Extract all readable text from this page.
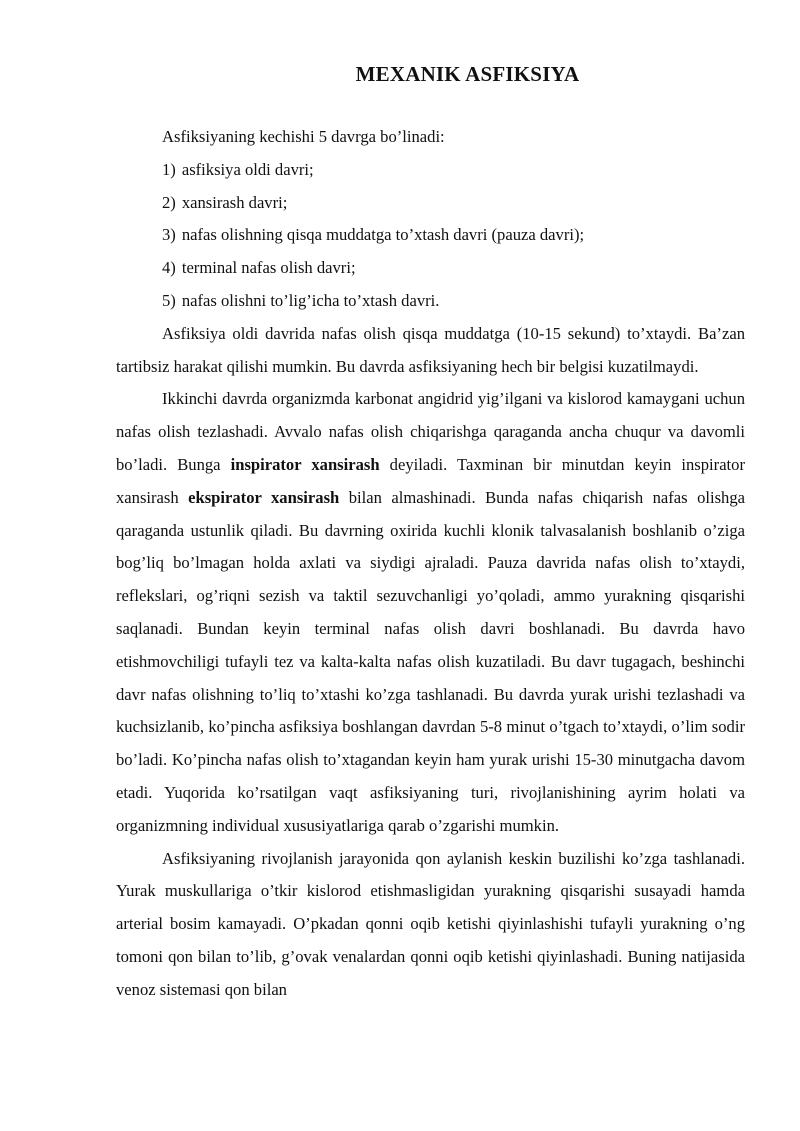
MEXANIK ASFIKSIYA

Asfiksiyaning kechishi 5 davrga bo’linadi:

1) asfiksiya oldi davri;

2) xansirash davri;

3) nafas olishning qisqa muddatga to’xtash davri (pauza davri);

4) terminal nafas olish davri;

5) nafas olishni to’lig’icha to’xtash davri.

Asfiksiya oldi davrida nafas olish qisqa muddatga (10-15 sekund) to’xtaydi. Ba’zan tartibsiz harakat qilishi mumkin. Bu davrda asfiksiyaning hech bir belgisi kuzatilmaydi.

Ikkinchi davrda organizmda karbonat angidrid yig’ilgani va kislorod kamaygani uchun nafas olish tezlashadi. Avvalo nafas olish chiqarishga qaraganda ancha chuqur va davomli bo’ladi. Bunga inspirator xansirash deyiladi. Taxminan bir minutdan keyin inspirator xansirash ekspirator xansirash bilan almashinadi. Bunda nafas chiqarish nafas olishga qaraganda ustunlik qiladi. Bu davrning oxirida kuchli klonik talvasalanish boshlanib o’ziga bog’liq bo’lmagan holda axlati va siydigi ajraladi. Pauza davrida nafas olish to’xtaydi, reflekslari, og’riqni sezish va taktil sezuvchanligi yo’qoladi, ammo yurakning qisqarishi saqlanadi. Bundan keyin terminal nafas olish davri boshlanadi. Bu davrda havo etishmovchiligi tufayli tez va kalta-kalta nafas olish kuzatiladi. Bu davr tugagach, beshinchi davr nafas olishning to’liq to’xtashi ko’zga tashlanadi. Bu davrda yurak urishi tezlashadi va kuchsizlanib, ko’pincha asfiksiya boshlangan davrdan 5-8 minut o’tgach to’xtaydi, o’lim sodir bo’ladi. Ko’pincha nafas olish to’xtagandan keyin ham yurak urishi 15-30 minutgacha davom etadi. Yuqorida ko’rsatilgan vaqt asfiksiyaning turi, rivojlanishining ayrim holati va organizmning individual xususiyatlariga qarab o’zgarishi mumkin.

Asfiksiyaning rivojlanish jarayonida qon aylanish keskin buzilishi ko’zga tashlanadi. Yurak muskullariga o’tkir kislorod etishmasligidan yurakning qisqarishi susayadi hamda arterial bosim kamayadi. O’pkadan qonni oqib ketishi qiyinlashishi tufayli yurakning o’ng tomoni qon bilan to’lib, g’ovak venalardan qonni oqib ketishi qiyinlashadi. Buning natijasida venoz sistemasi qon bilan
